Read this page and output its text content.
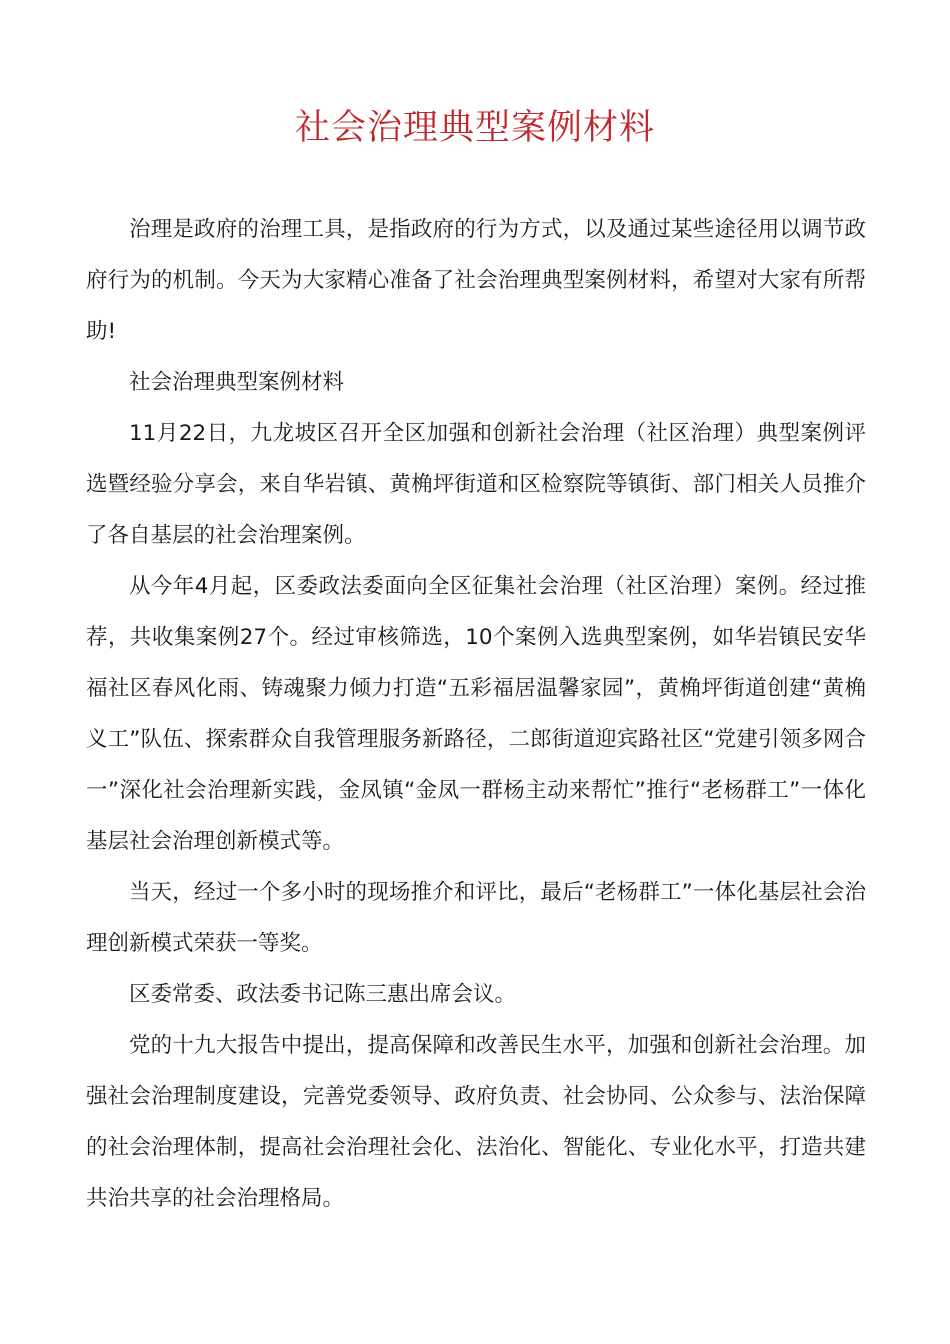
社会治理典型案例材料

治理是政府的治理工具，是指政府的行为方式，以及通过某些途径用以调节政府行为的机制。今天为大家精心准备了社会治理典型案例材料，希望对大家有所帮助!

社会治理典型案例材料

11月22日，九龙坡区召开全区加强和创新社会治理（社区治理）典型案例评选暨经验分享会，来自华岩镇、黄桷坪街道和区检察院等镇街、部门相关人员推介了各自基层的社会治理案例。

从今年4月起，区委政法委面向全区征集社会治理（社区治理）案例。经过推荐，共收集案例27个。经过审核筛选，10个案例入选典型案例，如华岩镇民安华福社区春风化雨、铸魂聚力倾力打造“五彩福居温馨家园”，黄桷坪街道创建“黄桷义工”队伍、探索群众自我管理服务新路径，二郎街道迎宾路社区“党建引领多网合一”深化社会治理新实践，金凤镇“金凤一群杨主动来帮忙”推行“老杨群工”一体化基层社会治理创新模式等。

当天，经过一个多小时的现场推介和评比，最后“老杨群工”一体化基层社会治理创新模式荣获一等奖。

区委常委、政法委书记陈三惠出席会议。

党的十九大报告中提出，提高保障和改善民生水平，加强和创新社会治理。加强社会治理制度建设，完善党委领导、政府负责、社会协同、公众参与、法治保障的社会治理体制，提高社会治理社会化、法治化、智能化、专业化水平，打造共建共治共享的社会治理格局。
